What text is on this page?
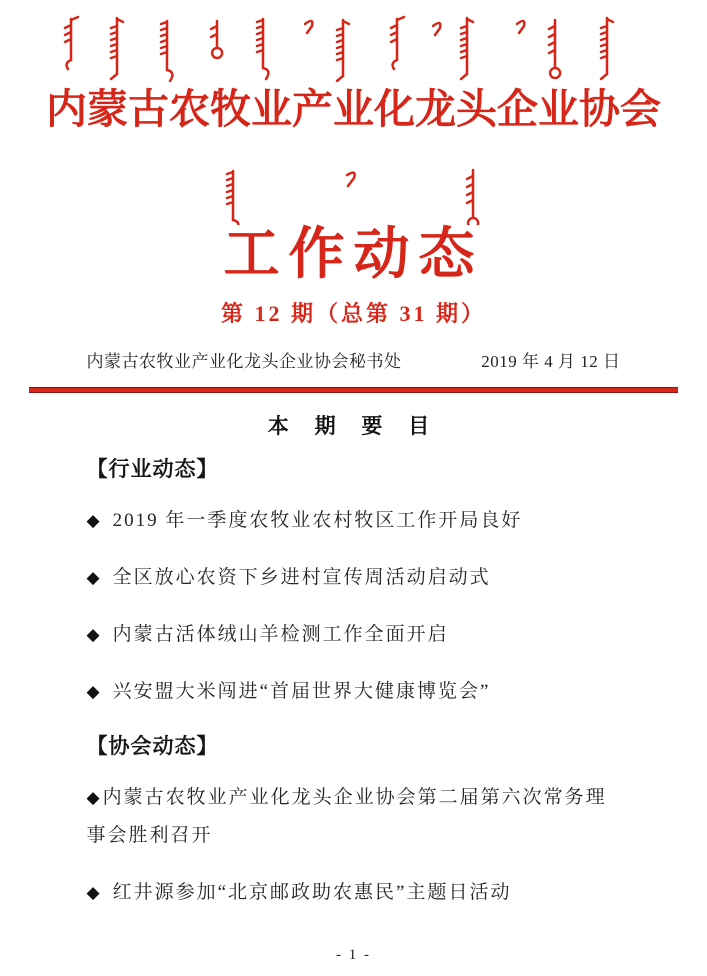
内蒙古农牧业产业化龙头企业协会
工作动态
第 12 期（总第 31 期）
内蒙古农牧业产业化龙头企业协会秘书处	2019 年 4 月 12 日
本 期 要 目
【行业动态】

◆ 2019 年一季度农牧业农村牧区工作开局良好

◆ 全区放心农资下乡进村宣传周活动启动式

◆ 内蒙古活体绒山羊检测工作全面开启

◆ 兴安盟大米闯进“首届世界大健康博览会”

【协会动态】

◆内蒙古农牧业产业化龙头企业协会第二届第六次常务理事会胜利召开

◆ 红井源参加“北京邮政助农惠民”主题日活动

- 1 -
